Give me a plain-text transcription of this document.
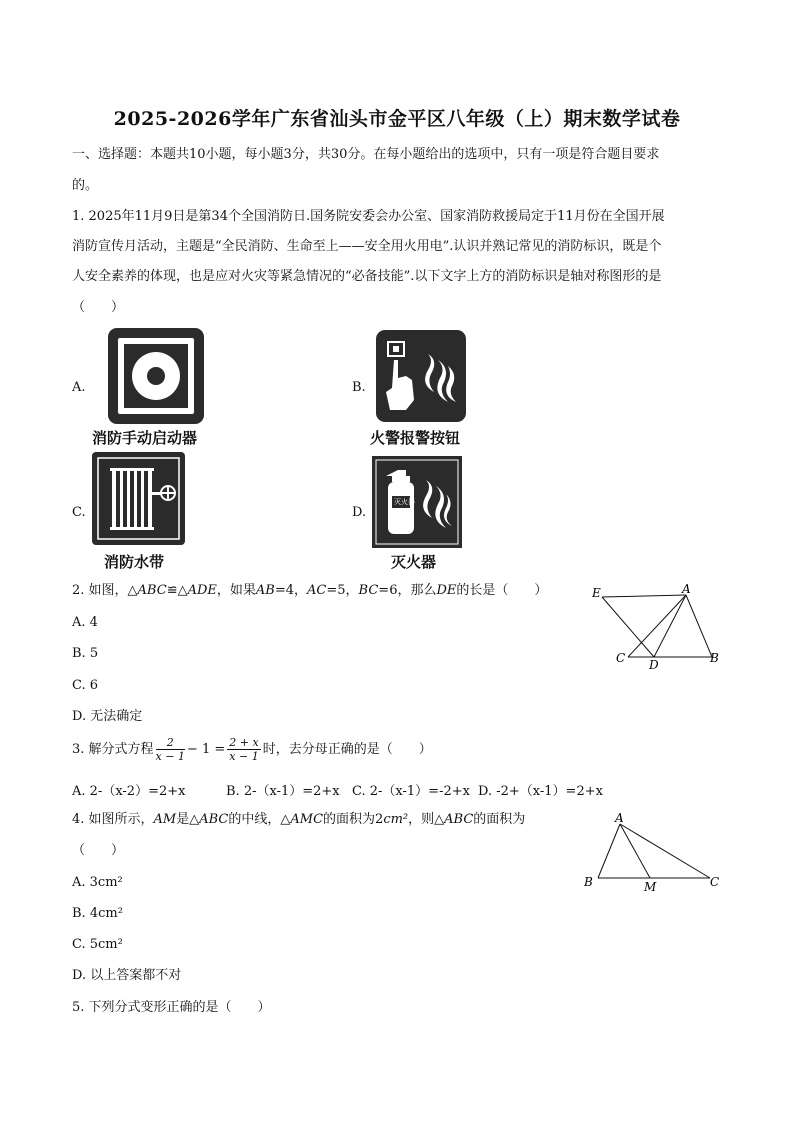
2025-2026学年广东省汕头市金平区八年级（上）期末数学试卷
一、选择题：本题共10小题，每小题3分，共30分。在每小题给出的选项中，只有一项是符合题目要求
的。
1. 2025年11月9日是第34个全国消防日.国务院安委会办公室、国家消防救援局定于11月份在全国开展
消防宣传月活动，主题是“全民消防、生命至上——安全用火用电”.认识并熟记常见的消防标识，既是个
人安全素养的体现，也是应对火灾等紧急情况的“必备技能”.以下文字上方的消防标识是轴对称图形的是
（　　）
A.
消防手动启动器
B.
火警报警按钮
C.
消防水带
D.
灭火器
灭火器
2. 如图，△ABC≌△ADE，如果AB=4，AC=5，BC=6，那么DE的长是（　　）
A. 4
B. 5
C. 6
D. 无法确定
E	A
C D	B
3. 解分式方程 $\frac{2}{x - 1} - 1 = \frac{2 + x}{x - 1}$ 时，去分母正确的是（　　）
A. 2-（x-2）=2+x	B. 2-（x-1）=2+x C. 2-（x-1）=-2+x D. -2+（x-1）=2+x
4. 如图所示，AM是△ABC的中线，△AMC的面积为2cm²，则△ABC的面积为
（　　）
A. 3cm²
B. 4cm²
C. 5cm²
D. 以上答案都不对
A
B	M	C
5. 下列分式变形正确的是（　　）
